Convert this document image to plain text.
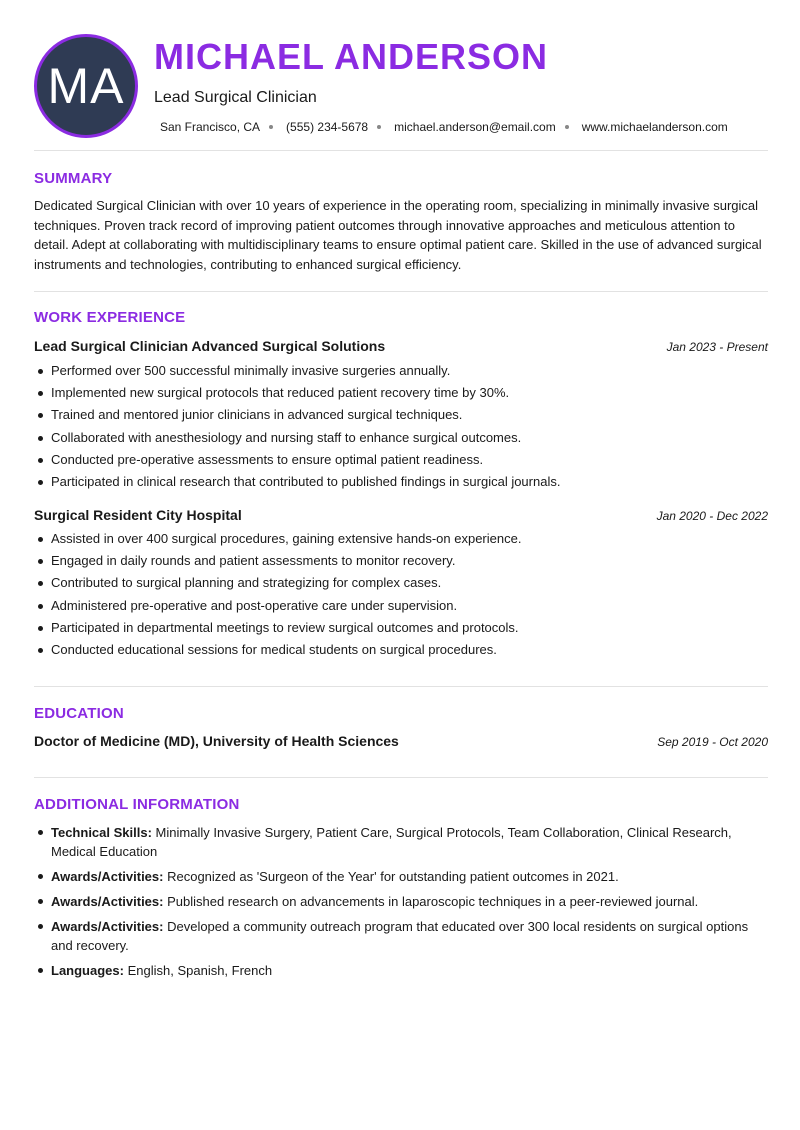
MA
MICHAEL ANDERSON
Lead Surgical Clinician
San Francisco, CA (555) 234-5678 michael.anderson@email.com www.michaelanderson.com
SUMMARY

Dedicated Surgical Clinician with over 10 years of experience in the operating room, specializing in minimally invasive surgical techniques. Proven track record of improving patient outcomes through innovative approaches and meticulous attention to detail. Adept at collaborating with multidisciplinary teams to ensure optimal patient care. Skilled in the use of advanced surgical instruments and technologies, contributing to enhanced surgical efficiency.

WORK EXPERIENCE
Lead Surgical Clinician Advanced Surgical Solutions	Jan 2023 - Present
Performed over 500 successful minimally invasive surgeries annually.
Implemented new surgical protocols that reduced patient recovery time by 30%.
Trained and mentored junior clinicians in advanced surgical techniques.
Collaborated with anesthesiology and nursing staff to enhance surgical outcomes.
Conducted pre-operative assessments to ensure optimal patient readiness.
Participated in clinical research that contributed to published findings in surgical journals.
Surgical Resident City Hospital	Jan 2020 - Dec 2022
Assisted in over 400 surgical procedures, gaining extensive hands-on experience.
Engaged in daily rounds and patient assessments to monitor recovery.
Contributed to surgical planning and strategizing for complex cases.
Administered pre-operative and post-operative care under supervision.
Participated in departmental meetings to review surgical outcomes and protocols.
Conducted educational sessions for medical students on surgical procedures.
EDUCATION
Doctor of Medicine (MD), University of Health Sciences	Sep 2019 - Oct 2020
ADDITIONAL INFORMATION
Technical Skills: Minimally Invasive Surgery, Patient Care, Surgical Protocols, Team Collaboration, Clinical Research, Medical Education
Awards/Activities: Recognized as 'Surgeon of the Year' for outstanding patient outcomes in 2021.
Awards/Activities: Published research on advancements in laparoscopic techniques in a peer-reviewed journal.
Awards/Activities: Developed a community outreach program that educated over 300 local residents on surgical options and recovery.
Languages: English, Spanish, French
